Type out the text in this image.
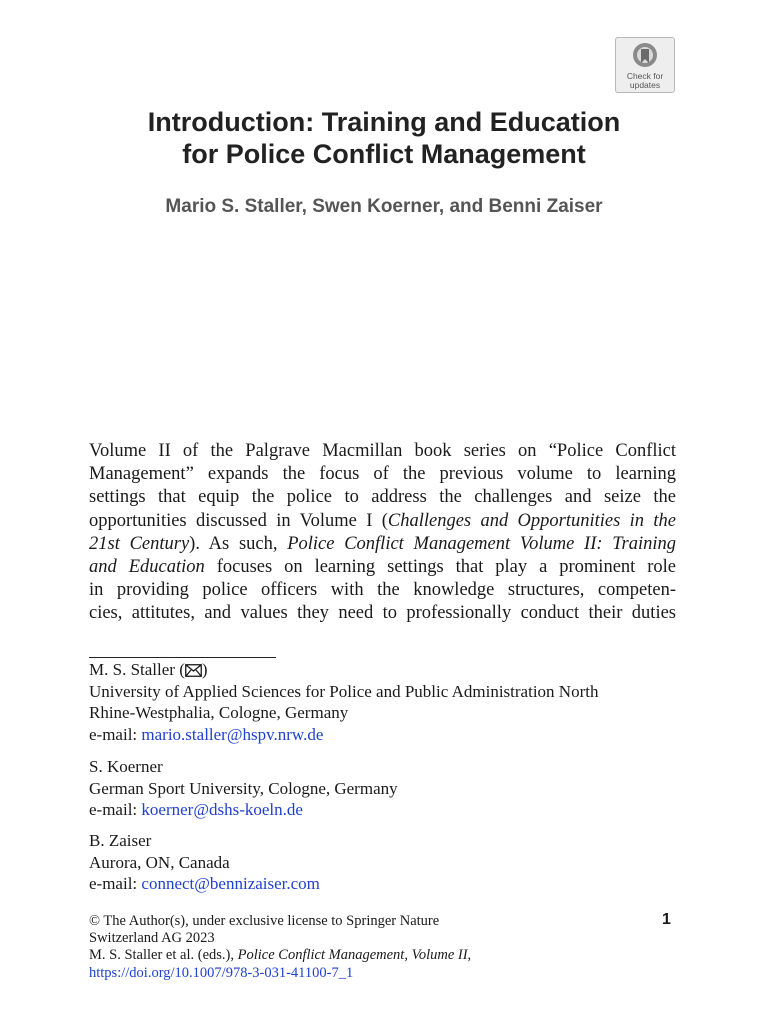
Check for updates
Introduction: Training and Education
for Police Conflict Management
Mario S. Staller, Swen Koerner, and Benni Zaiser
Volume II of the Palgrave Macmillan book series on “Police Conflict
Management” expands the focus of the previous volume to learning
settings that equip the police to address the challenges and seize the
opportunities discussed in Volume I (Challenges and Opportunities in the
21st Century). As such, Police Conflict Management Volume II: Training
and Education focuses on learning settings that play a prominent role
in providing police officers with the knowledge structures, competen-
cies, attitutes, and values they need to professionally conduct their duties
M. S. Staller ( )
University of Applied Sciences for Police and Public Administration North
Rhine-Westphalia, Cologne, Germany
e-mail: mario.staller@hspv.nrw.de
S. Koerner
German Sport University, Cologne, Germany
e-mail: koerner@dshs-koeln.de
B. Zaiser
Aurora, ON, Canada
e-mail: connect@bennizaiser.com
© The Author(s), under exclusive license to Springer Nature
Switzerland AG 2023
M. S. Staller et al. (eds.), Police Conflict Management, Volume II,
https://doi.org/10.1007/978-3-031-41100-7_1
1
